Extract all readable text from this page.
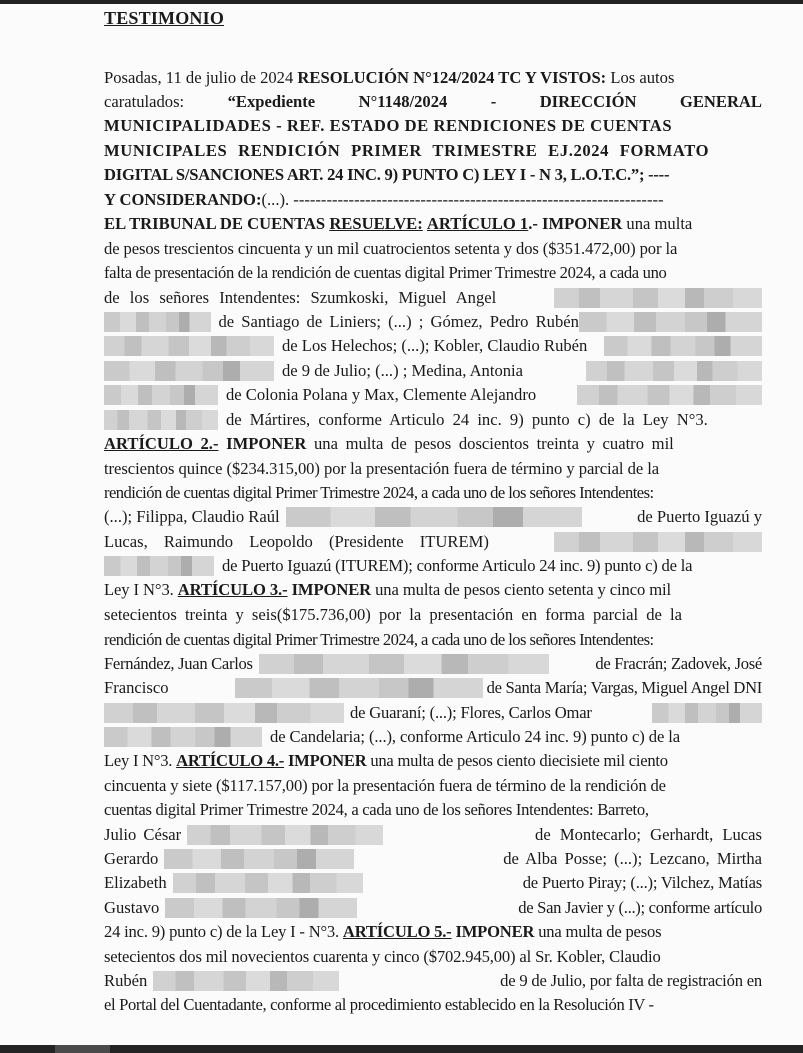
TESTIMONIO
Posadas, 11 de julio de 2024 RESOLUCIÓN N°124/2024 TC Y VISTOS: Los autos
caratulados:	“Expediente	N°1148/2024	-	DIRECCIÓN	GENERAL
MUNICIPALIDADES - REF. ESTADO DE RENDICIONES DE CUENTAS
MUNICIPALES RENDICIÓN PRIMER TRIMESTRE EJ.2024 FORMATO
DIGITAL S/SANCIONES ART. 24 INC. 9) PUNTO C) LEY I - N 3, L.O.T.C.”; ----
Y CONSIDERANDO: (...). -------------------------------------------------------------------
EL TRIBUNAL DE CUENTAS RESUELVE:
ARTÍCULO 1 .- IMPONER una multa
de pesos trescientos cincuenta y un mil cuatrocientos setenta y dos ($351.472,00) por la
falta de presentación de la rendición de cuentas digital Primer Trimestre 2024, a cada uno
de los señores Intendentes: Szumkoski, Miguel Angel
de Santiago de Liniers; (...) ; Gómez, Pedro Rubén
de Los Helechos; (...); Kobler, Claudio Rubén
de 9 de Julio; (...) ; Medina, Antonia
de Colonia Polana y Max, Clemente Alejandro
de Mártires, conforme Articulo 24 inc. 9) punto c) de la Ley N°3.
ARTÍCULO 2.- IMPONER una multa de pesos doscientos treinta y cuatro mil
trescientos quince ($234.315,00) por la presentación fuera de término y parcial de la
rendición de cuentas digital Primer Trimestre 2024, a cada uno de los señores Intendentes:
(...); Filippa, Claudio Raúl	de Puerto Iguazú y
Lucas, Raimundo Leopoldo (Presidente ITUREM)
de Puerto Iguazú (ITUREM); conforme Articulo 24 inc. 9) punto c) de la
Ley I N°3. ARTÍCULO 3.- IMPONER una multa de pesos ciento setenta y cinco mil
setecientos treinta y seis($175.736,00) por la presentación en forma parcial de la
rendición de cuentas digital Primer Trimestre 2024, a cada uno de los señores Intendentes:
Fernández, Juan Carlos	de Fracrán; Zadovek, José
Francisco	de Santa María; Vargas, Miguel Angel DNI
de Guaraní; (...); Flores, Carlos Omar
de Candelaria; (...), conforme Articulo 24 inc. 9) punto c) de la
Ley I N°3. ARTÍCULO 4.- IMPONER una multa de pesos ciento diecisiete mil ciento
cincuenta y siete ($117.157,00) por la presentación fuera de término de la rendición de
cuentas digital Primer Trimestre 2024, a cada uno de los señores Intendentes: Barreto,
Julio César	de Montecarlo; Gerhardt, Lucas
Gerardo	de Alba Posse; (...); Lezcano, Mirtha
Elizabeth	de Puerto Piray; (...); Vilchez, Matías
Gustavo	de San Javier y (...); conforme artículo
24 inc. 9) punto c) de la Ley I - N°3. ARTÍCULO 5.- IMPONER una multa de pesos
setecientos dos mil novecientos cuarenta y cinco ($702.945,00) al Sr. Kobler, Claudio
Rubén	de 9 de Julio, por falta de registración en
el Portal del Cuentadante, conforme al procedimiento establecido en la Resolución IV -
